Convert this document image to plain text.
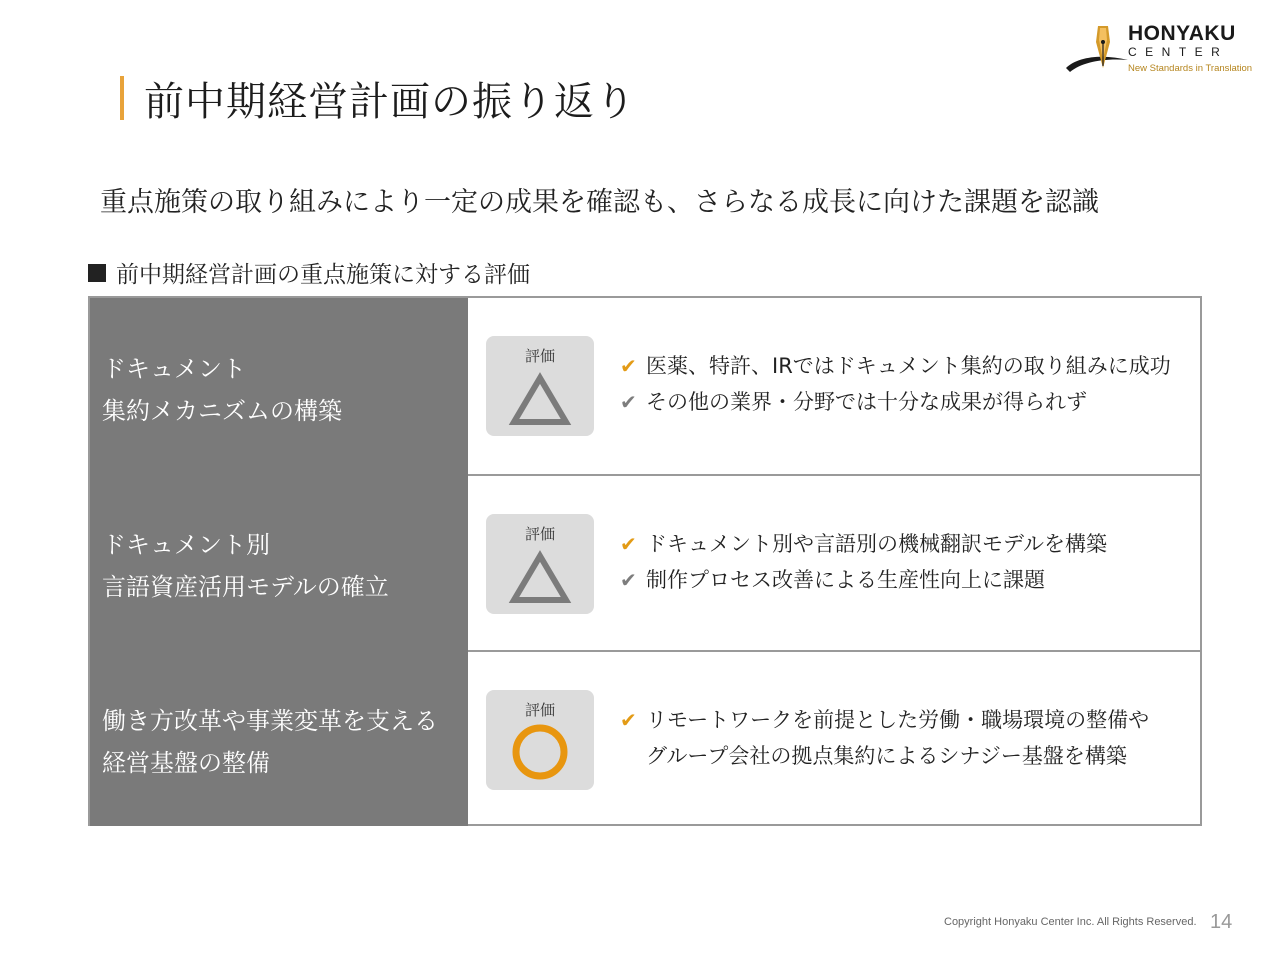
前中期経営計画の振り返り
HONYAKU
CENTER
New Standards in Translation
重点施策の取り組みにより一定の成果を確認も、さらなる成長に向けた課題を認識
前中期経営計画の重点施策に対する評価
ドキュメント
集約メカニズムの構築
評価	✔ 医薬、特許、IRではドキュメント集約の取り組みに成功
✔ その他の業界・分野では十分な成果が得られず
ドキュメント別
言語資産活用モデルの確立
評価	✔ ドキュメント別や言語別の機械翻訳モデルを構築
✔ 制作プロセス改善による生産性向上に課題
働き方改革や事業変革を支える
経営基盤の整備
評価	✔ リモートワークを前提とした労働・職場環境の整備や
グループ会社の拠点集約によるシナジー基盤を構築
Copyright Honyaku Center Inc. All Rights Reserved. 14
